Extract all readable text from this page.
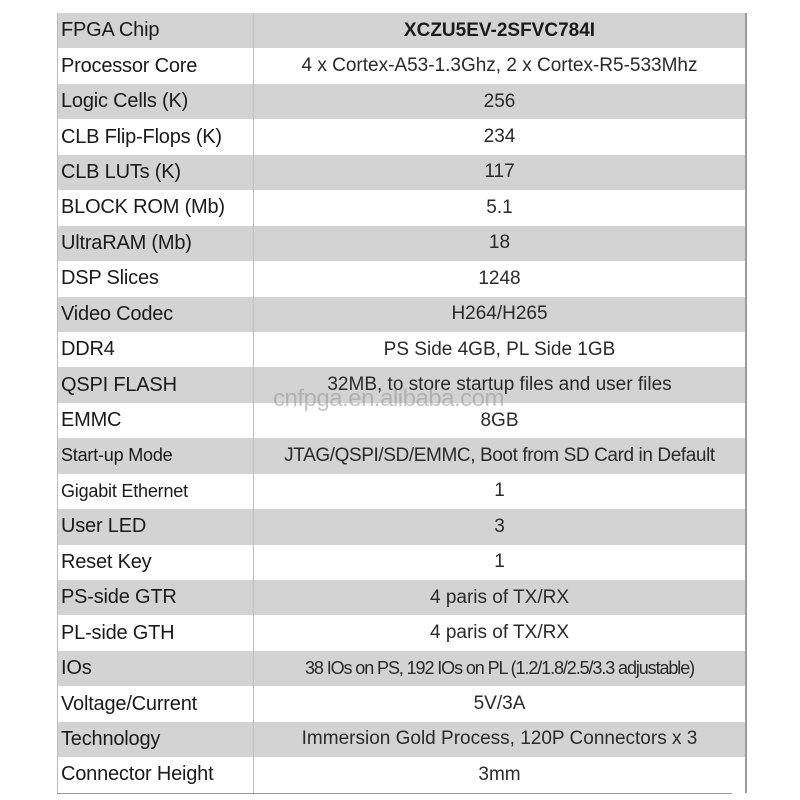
FPGA Chip	XCZU5EV-2SFVC784I
Processor Core	4 x Cortex-A53-1.3Ghz, 2 x Cortex-R5-533Mhz
Logic Cells (K)	256
CLB Flip-Flops (K)	234
CLB LUTs (K)	117
BLOCK ROM (Mb)	5.1
UltraRAM (Mb)	18
DSP Slices	1248
Video Codec	H264/H265
DDR4	PS Side 4GB, PL Side 1GB
QSPI FLASH	32MB, to store startup files and user files
EMMC	8GB
Start-up Mode	JTAG/QSPI/SD/EMMC, Boot from SD Card in Default
Gigabit Ethernet	1
User LED	3
Reset Key	1
PS-side GTR	4 paris of TX/RX
PL-side GTH	4 paris of TX/RX
IOs	38 IOs on PS, 192 IOs on PL (1.2/1.8/2.5/3.3 adjustable)
Voltage/Current	5V/3A
Technology	Immersion Gold Process, 120P Connectors x 3
Connector Height	3mm
cnfpga.en.alibaba.com
